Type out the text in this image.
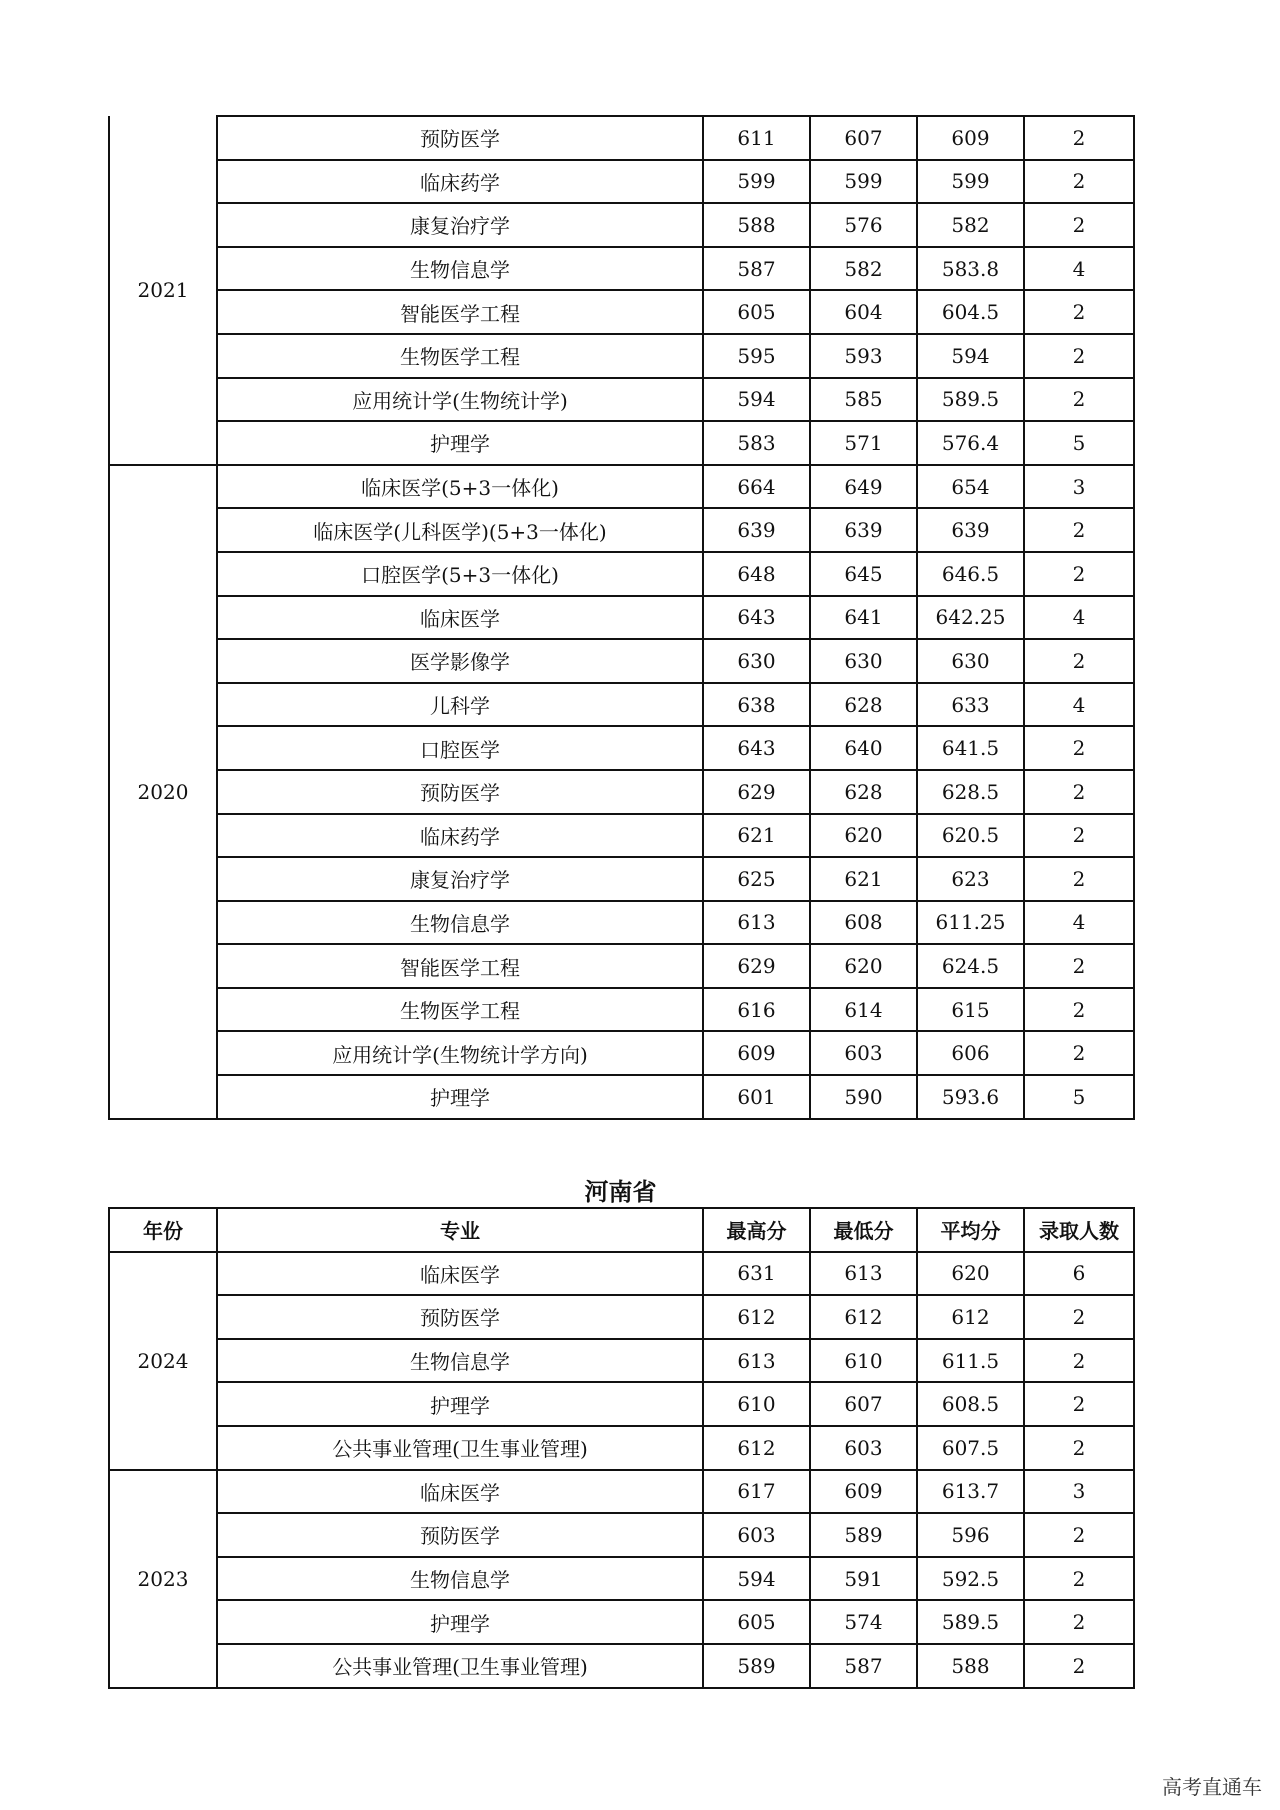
2021	预防医学	611	607	609	2
	临床药学	599	599	599	2
	康复治疗学	588	576	582	2
	生物信息学	587	582	583.8	4
	智能医学工程	605	604	604.5	2
	生物医学工程	595	593	594	2
	应用统计学(生物统计学)	594	585	589.5	2
	护理学	583	571	576.4	5
2020	临床医学(5+3一体化)	664	649	654	3
	临床医学(儿科医学)(5+3一体化)	639	639	639	2
	口腔医学(5+3一体化)	648	645	646.5	2
	临床医学	643	641	642.25	4
	医学影像学	630	630	630	2
	儿科学	638	628	633	4
	口腔医学	643	640	641.5	2
	预防医学	629	628	628.5	2
	临床药学	621	620	620.5	2
	康复治疗学	625	621	623	2
	生物信息学	613	608	611.25	4
	智能医学工程	629	620	624.5	2
	生物医学工程	616	614	615	2
	应用统计学(生物统计学方向)	609	603	606	2
	护理学	601	590	593.6	5
河南省
年份	专业	最高分	最低分	平均分	录取人数
2024	临床医学	631	613	620	6
	预防医学	612	612	612	2
	生物信息学	613	610	611.5	2
	护理学	610	607	608.5	2
	公共事业管理(卫生事业管理)	612	603	607.5	2
2023	临床医学	617	609	613.7	3
	预防医学	603	589	596	2
	生物信息学	594	591	592.5	2
	护理学	605	574	589.5	2
	公共事业管理(卫生事业管理)	589	587	588	2
高考直通车
